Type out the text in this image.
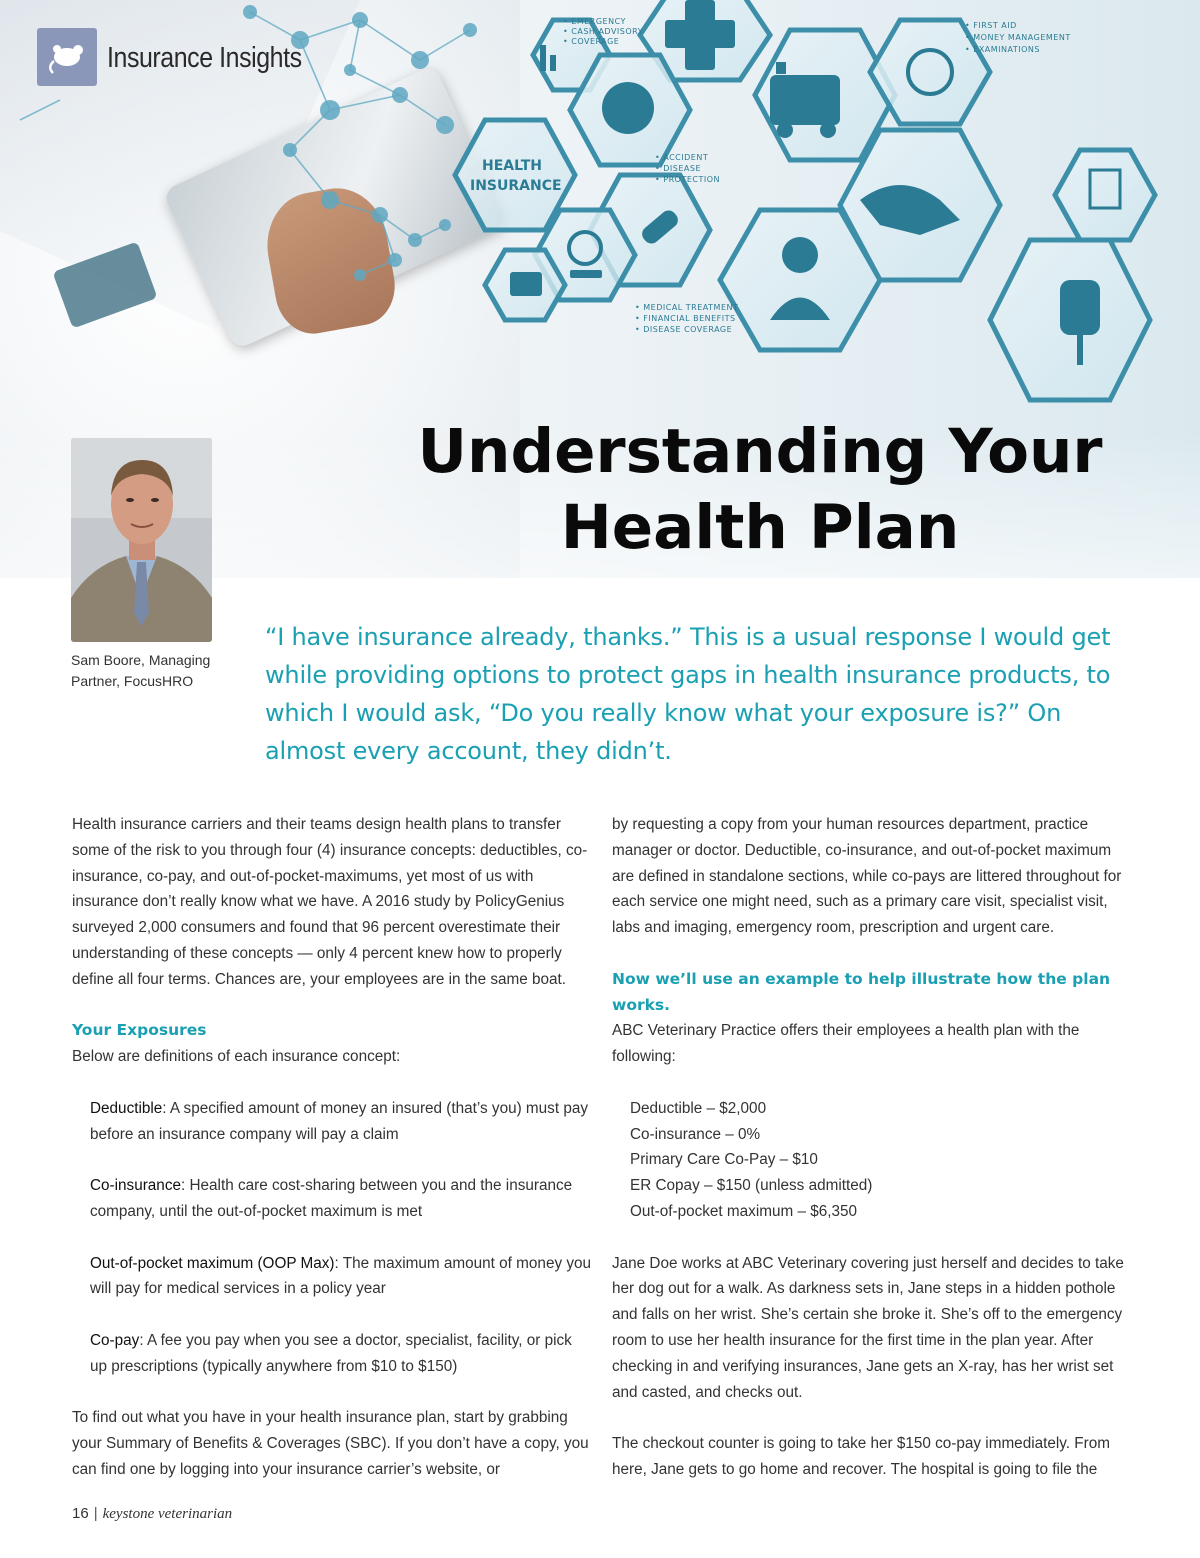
Insurance Insights
Understanding Your
Health Plan
Sam Boore, Managing Partner, FocusHRO
“I have insurance already, thanks.” This is a usual response I would get while providing options to protect gaps in health insurance products, to which I would ask, “Do you really know what your exposure is?” On almost every account, they didn’t.

Health insurance carriers and their teams design health plans to transfer some of the risk to you through four (4) insurance concepts: deductibles, co-insurance, co-pay, and out-of-pocket-maximums, yet most of us with insurance don’t really know what we have. A 2016 study by PolicyGenius surveyed 2,000 consumers and found that 96 percent overestimate their understanding of these concepts — only 4 percent knew how to properly define all four terms. Chances are, your employees are in the same boat.

Your Exposures

Below are definitions of each insurance concept:

Deductible: A specified amount of money an insured (that’s you) must pay before an insurance company will pay a claim

Co-insurance: Health care cost-sharing between you and the insurance company, until the out-of-pocket maximum is met

Out-of-pocket maximum (OOP Max): The maximum amount of money you will pay for medical services in a policy year

Co-pay: A fee you pay when you see a doctor, specialist, facility, or pick up prescriptions (typically anywhere from $10 to $150)

To find out what you have in your health insurance plan, start by grabbing your Summary of Benefits & Coverages (SBC). If you don’t have a copy, you can find one by logging into your insurance carrier’s website, or

by requesting a copy from your human resources department, practice manager or doctor. Deductible, co-insurance, and out-of-pocket maximum are defined in standalone sections, while co-pays are littered throughout for each service one might need, such as a primary care visit, specialist visit, labs and imaging, emergency room, prescription and urgent care.

Now we’ll use an example to help illustrate how the plan works.

ABC Veterinary Practice offers their employees a health plan with the following:

Deductible – $2,000

Co-insurance – 0%

Primary Care Co-Pay – $10

ER Copay – $150 (unless admitted)

Out-of-pocket maximum – $6,350

Jane Doe works at ABC Veterinary covering just herself and decides to take her dog out for a walk. As darkness sets in, Jane steps in a hidden pothole and falls on her wrist. She’s certain she broke it. She’s off to the emergency room to use her health insurance for the first time in the plan year. After checking in and verifying insurances, Jane gets an X-ray, has her wrist set and casted, and checks out.

The checkout counter is going to take her $150 co-pay immediately. From here, Jane gets to go home and recover. The hospital is going to file the

16 | keystone veterinarian
